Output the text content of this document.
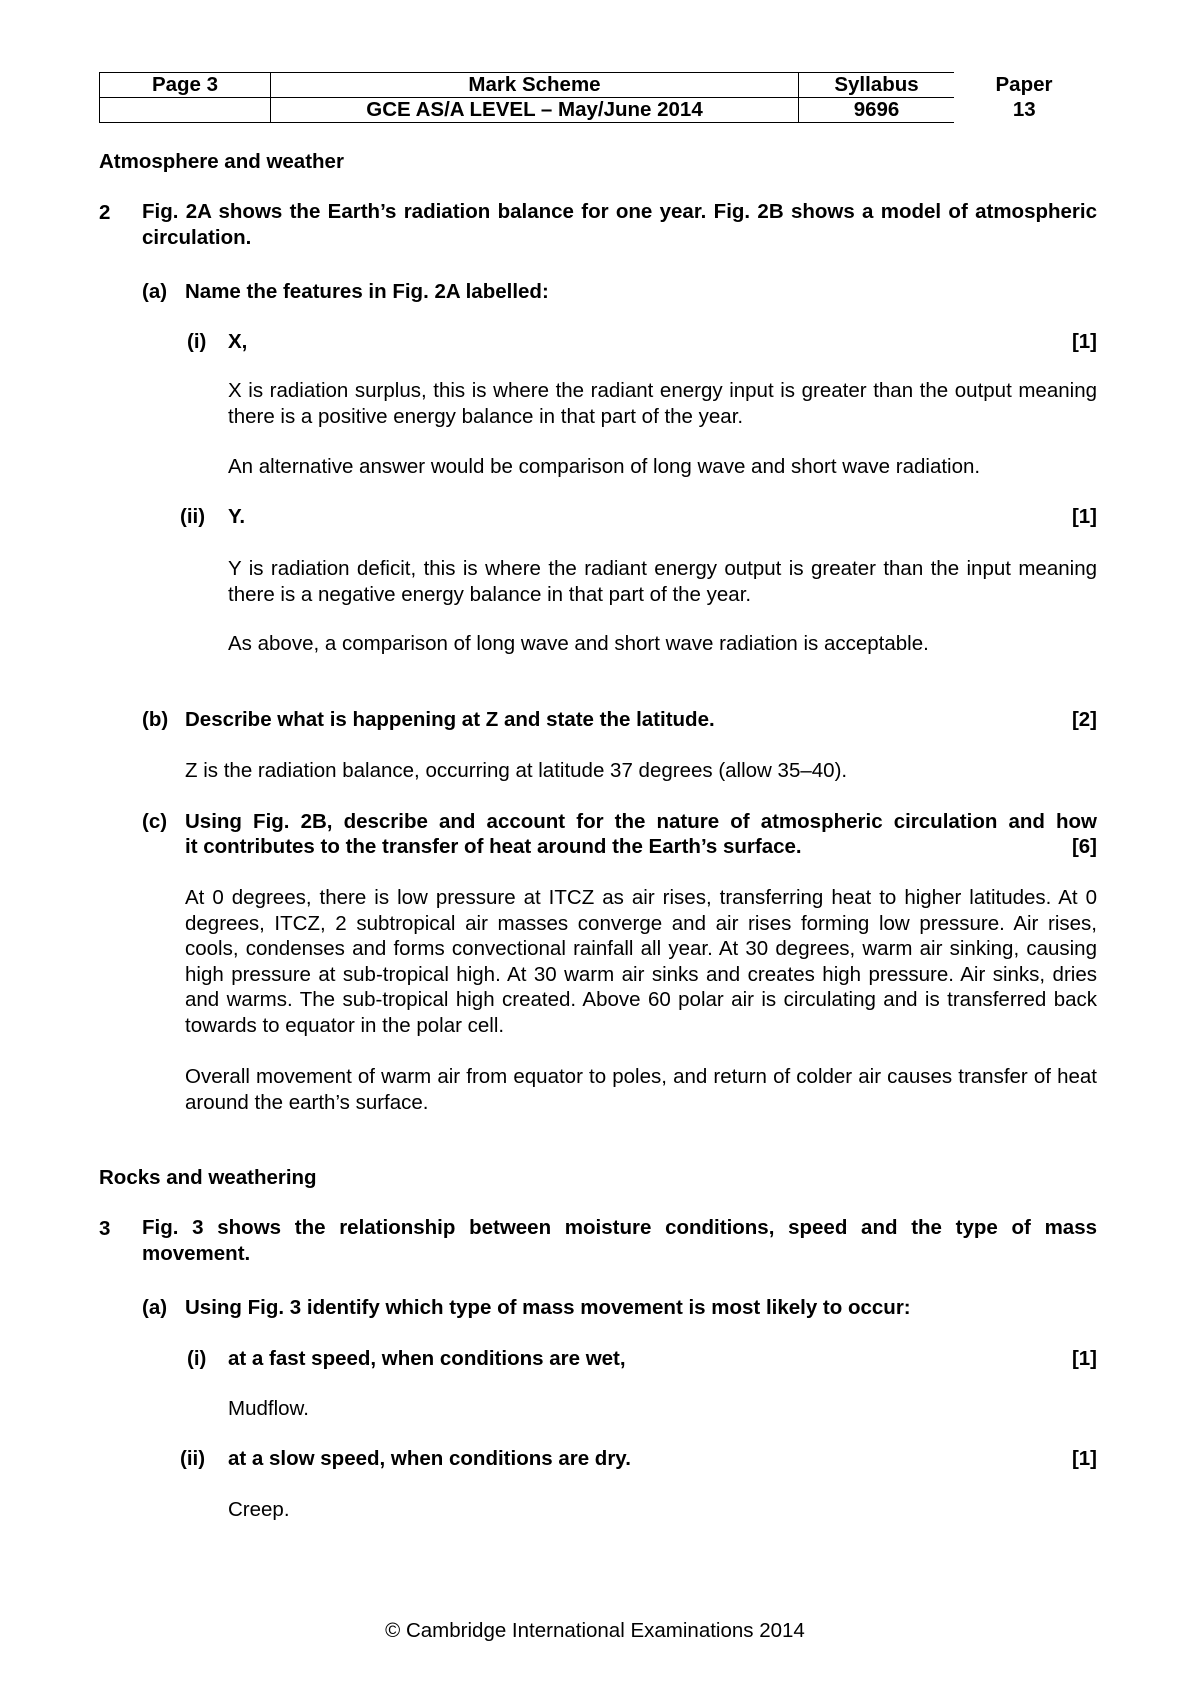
Page 3	Mark Scheme	Syllabus	Paper
	GCE AS/A LEVEL – May/June 2014	9696	13

Atmosphere and weather

2 Fig. 2A shows the Earth’s radiation balance for one year. Fig. 2B shows a model of atmospheric circulation.

(a) Name the features in Fig. 2A labelled:

(i) X,	[1]

X is radiation surplus, this is where the radiant energy input is greater than the output meaning there is a positive energy balance in that part of the year.

An alternative answer would be comparison of long wave and short wave radiation.

(ii) Y.	[1]

Y is radiation deficit, this is where the radiant energy output is greater than the input meaning there is a negative energy balance in that part of the year.

As above, a comparison of long wave and short wave radiation is acceptable.

(b) Describe what is happening at Z and state the latitude.	[2]

Z is the radiation balance, occurring at latitude 37 degrees (allow 35–40).

(c) Using Fig. 2B, describe and account for the nature of atmospheric circulation and how

it contributes to the transfer of heat around the Earth’s surface.	[6]

At 0 degrees, there is low pressure at ITCZ as air rises, transferring heat to higher latitudes. At 0 degrees, ITCZ, 2 subtropical air masses converge and air rises forming low pressure. Air rises, cools, condenses and forms convectional rainfall all year. At 30 degrees, warm air sinking, causing high pressure at sub-tropical high. At 30 warm air sinks and creates high pressure. Air sinks, dries and warms. The sub-tropical high created. Above 60 polar air is circulating and is transferred back towards to equator in the polar cell.

Overall movement of warm air from equator to poles, and return of colder air causes transfer of heat around the earth’s surface.

Rocks and weathering

3 Fig. 3 shows the relationship between moisture conditions, speed and the type of mass movement.

(a) Using Fig. 3 identify which type of mass movement is most likely to occur:

(i) at a fast speed, when conditions are wet,	[1]

Mudflow.

(ii) at a slow speed, when conditions are dry.	[1]

Creep.

© Cambridge International Examinations 2014
